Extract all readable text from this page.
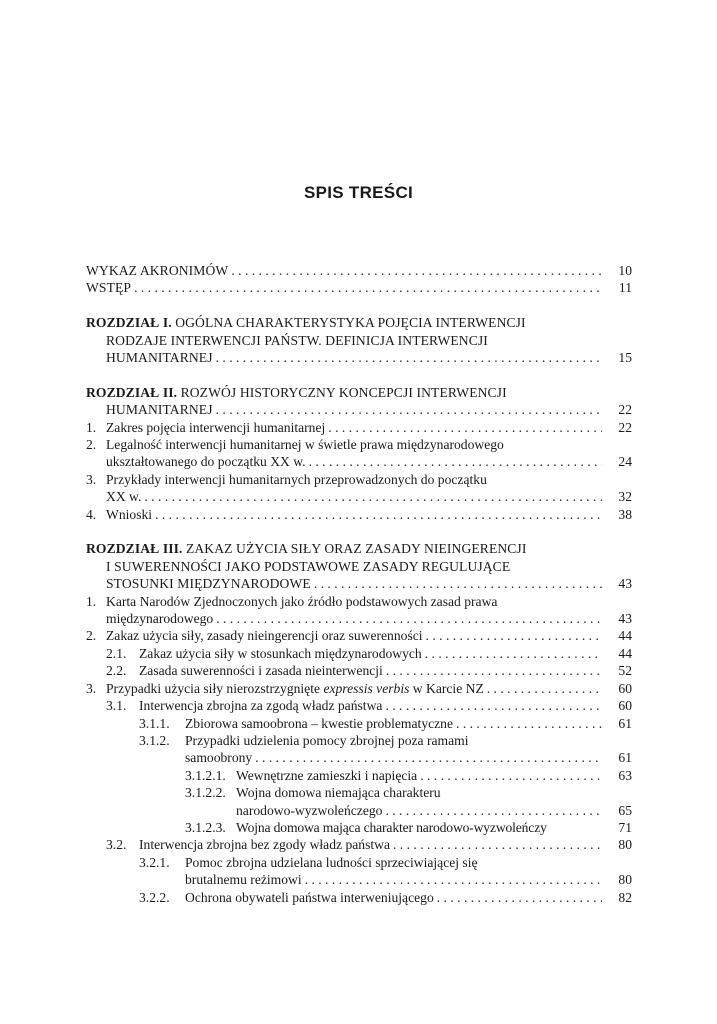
SPIS TREŚCI
WYKAZ AKRONIMÓW . . .	10
WSTĘP . . .	11
ROZDZIAŁ I. OGÓLNA CHARAKTERYSTYKA POJĘCIA INTERWENCJI
RODZAJE INTERWENCJI PAŃSTW. DEFINICJA INTERWENCJI
HUMANITARNEJ . . .	15
ROZDZIAŁ II. ROZWÓJ HISTORYCZNY KONCEPCJI INTERWENCJI
HUMANITARNEJ . . .	22
1. Zakres pojęcia interwencji humanitarnej . . .	22
2. Legalność interwencji humanitarnej w świetle prawa międzynarodowego
ukształtowanego do początku XX w. . . .	24
3. Przykłady interwencji humanitarnych przeprowadzonych do początku
XX w. . . .	32
4. Wnioski . . .	38
ROZDZIAŁ III. ZAKAZ UŻYCIA SIŁY ORAZ ZASADY NIEINGERENCJI
I SUWERENNOŚCI JAKO PODSTAWOWE ZASADY REGULUJĄCE
STOSUNKI MIĘDZYNARODOWE . . .	43
1. Karta Narodów Zjednoczonych jako źródło podstawowych zasad prawa
międzynarodowego . . .	43
2. Zakaz użycia siły, zasady nieingerencji oraz suwerenności . . .	44
2.1. Zakaz użycia siły w stosunkach międzynarodowych . . .	44
2.2. Zasada suwerenności i zasada nieinterwencji . . .	52
3. Przypadki użycia siły nierozstrzygnięte expressis verbis w Karcie NZ . . .	60
3.1. Interwencja zbrojna za zgodą władz państwa . . .	60
3.1.1.	Zbiorowa samoobrona – kwestie problematyczne . . .	61
3.1.2.	Przypadki udzielenia pomocy zbrojnej poza ramami
samoobrony . . .	61
3.1.2.1. Wewnętrzne zamieszki i napięcia . . .	63
3.1.2.2. Wojna domowa niemająca charakteru
narodowo-wyzwoleńczego . . .	65
3.1.2.3. Wojna domowa mająca charakter narodowo-wyzwoleńczy	71
3.2. Interwencja zbrojna bez zgody władz państwa . . .	80
3.2.1.	Pomoc zbrojna udzielana ludności sprzeciwiającej się
brutalnemu reżimowi . . .	80
3.2.2.	Ochrona obywateli państwa interweniującego . . .	82
